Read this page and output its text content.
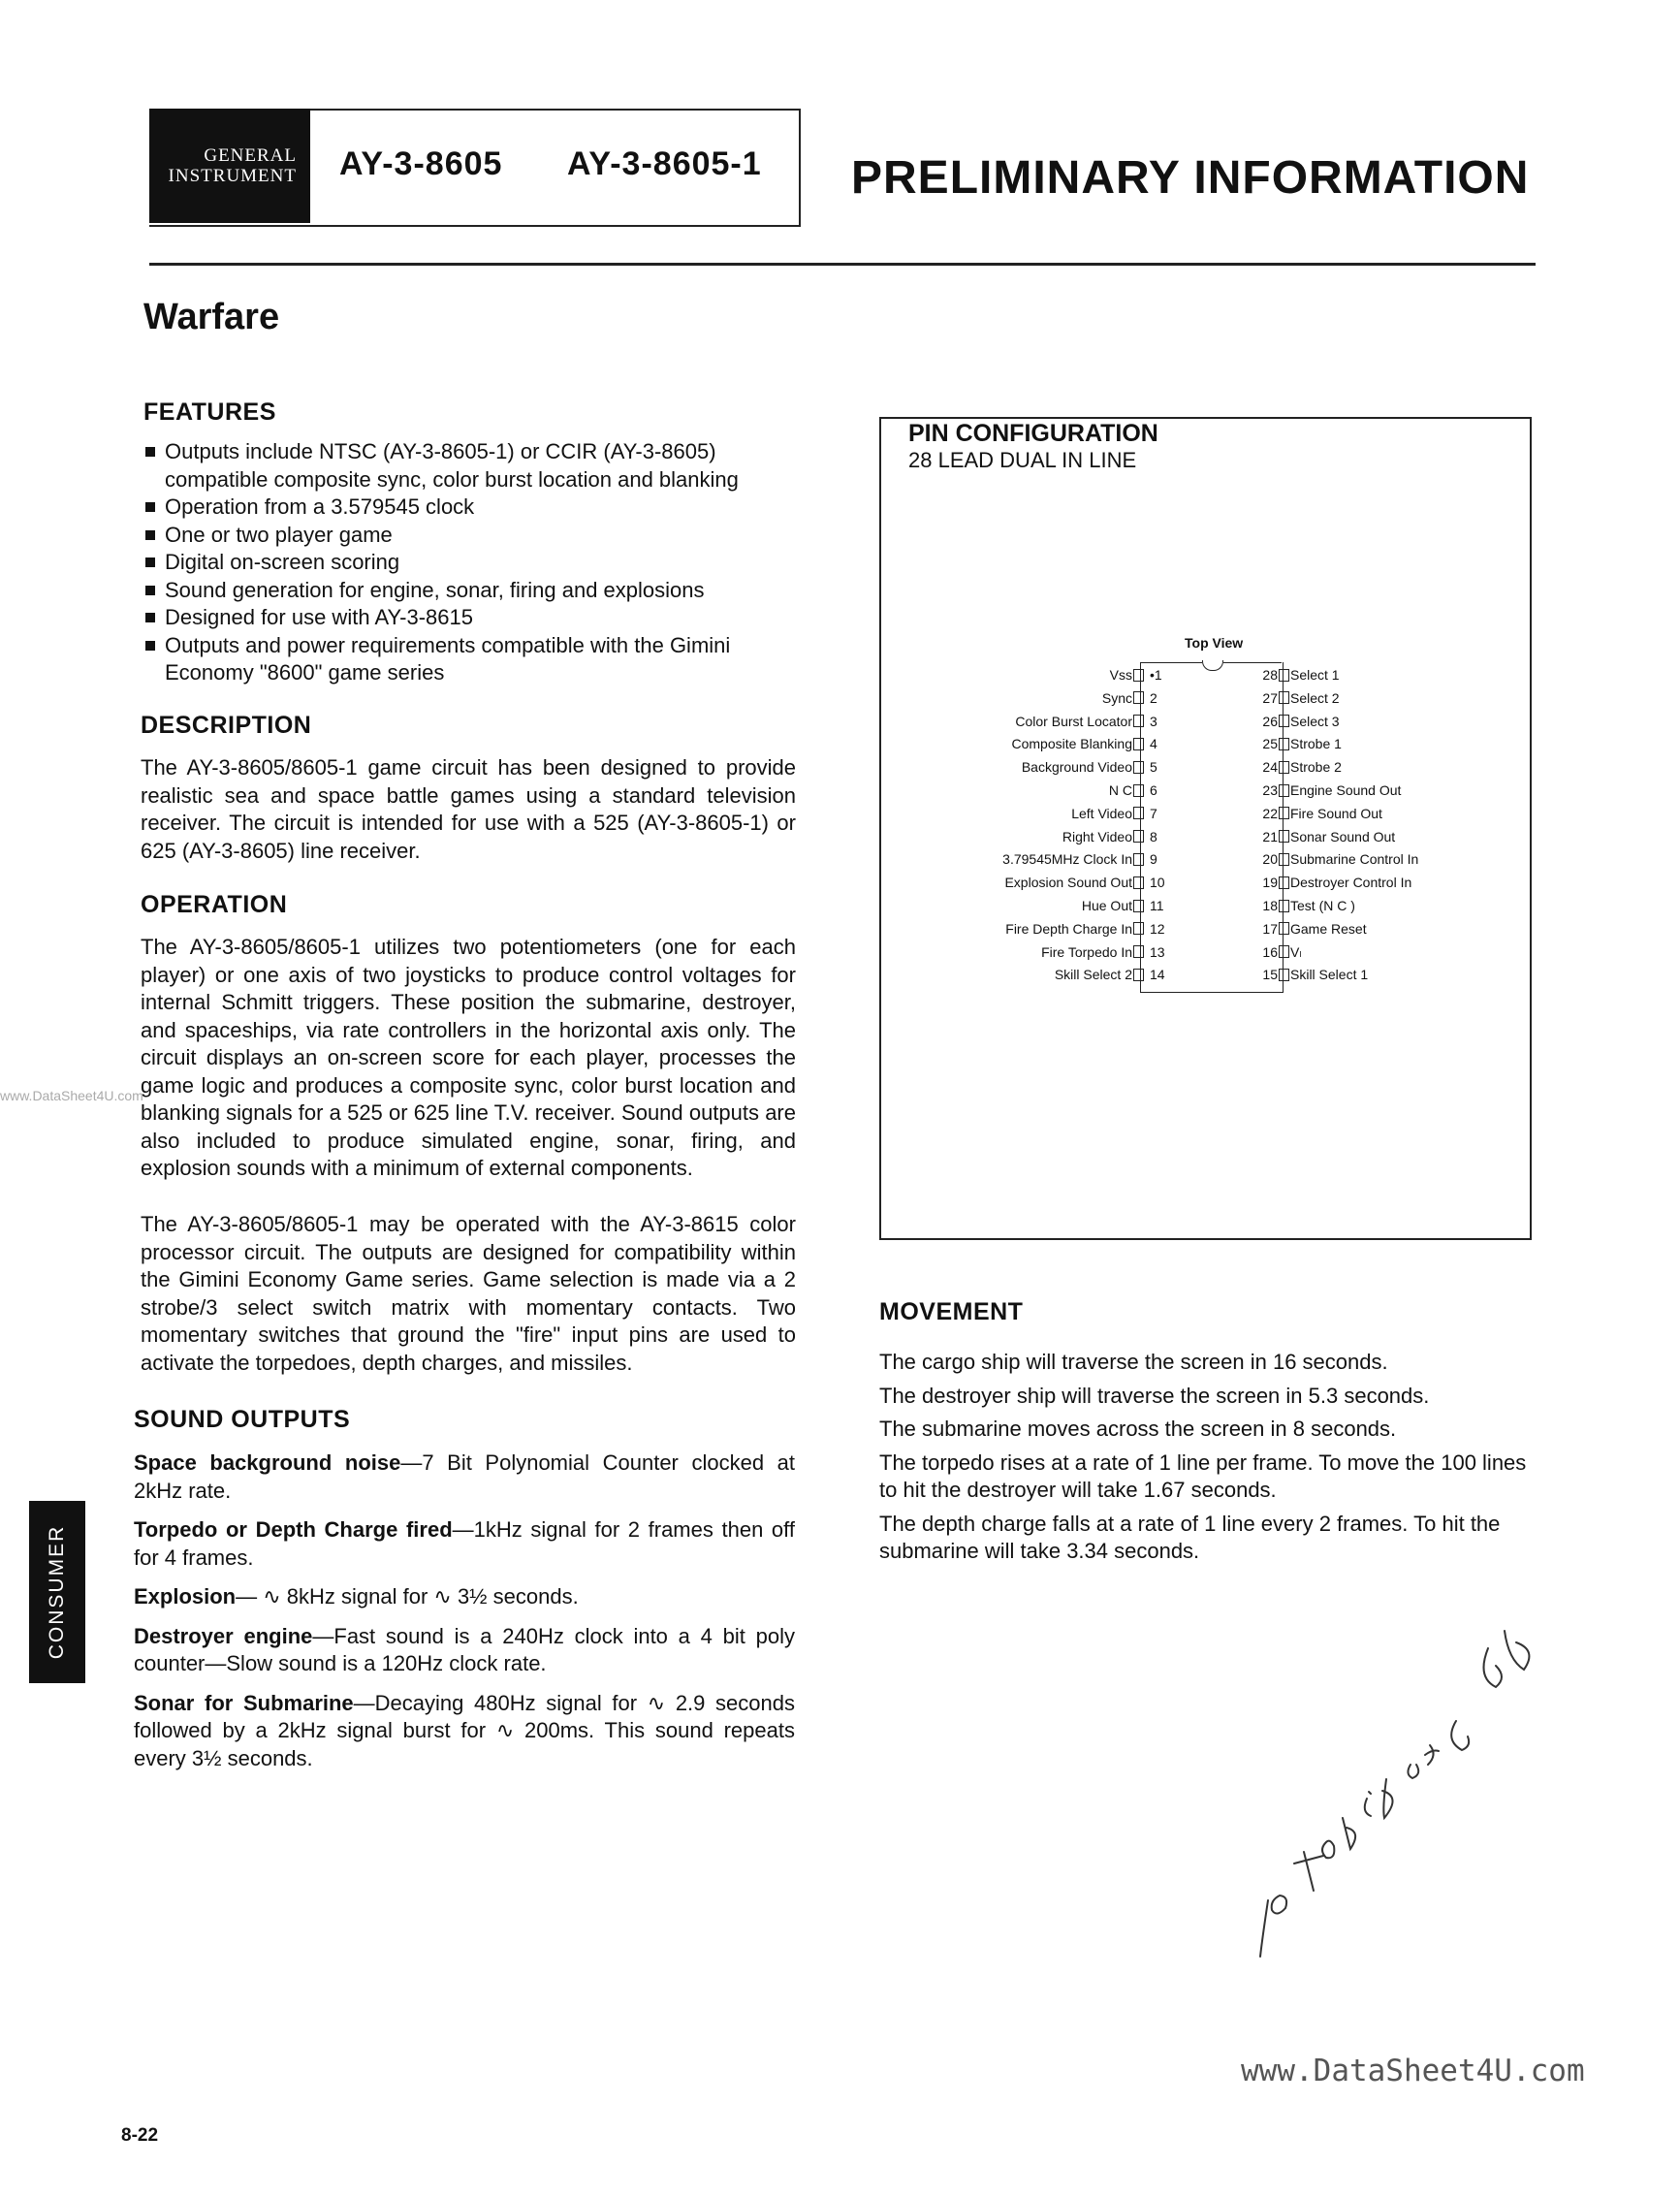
GENERAL
INSTRUMENT AY-3-8605 AY-3-8605-1 PRELIMINARY INFORMATION
Warfare
FEATURES
Outputs include NTSC (AY-3-8605-1) or CCIR (AY-3-8605) compatible composite sync, color burst location and blanking
Operation from a 3.579545 clock
One or two player game
Digital on-screen scoring
Sound generation for engine, sonar, firing and explosions
Designed for use with AY-3-8615
Outputs and power requirements compatible with the Gimini Economy "8600" game series
DESCRIPTION
The AY-3-8605/8605-1 game circuit has been designed to provide realistic sea and space battle games using a standard television receiver. The circuit is intended for use with a 525 (AY-3-8605-1) or 625 (AY-3-8605) line receiver.
OPERATION
The AY-3-8605/8605-1 utilizes two potentiometers (one for each player) or one axis of two joysticks to produce control voltages for internal Schmitt triggers. These position the submarine, destroyer, and spaceships, via rate controllers in the horizontal axis only. The circuit displays an on-screen score for each player, processes the game logic and produces a composite sync, color burst location and blanking signals for a 525 or 625 line T.V. receiver. Sound outputs are also included to produce simulated engine, sonar, firing, and explosion sounds with a minimum of external components.
The AY-3-8605/8605-1 may be operated with the AY-3-8615 color processor circuit. The outputs are designed for compatibility within the Gimini Economy Game series. Game selection is made via a 2 strobe/3 select switch matrix with momentary contacts. Two momentary switches that ground the "fire" input pins are used to activate the torpedoes, depth charges, and missiles.
SOUND OUTPUTS

Space background noise—7 Bit Polynomial Counter clocked at 2kHz rate.

Torpedo or Depth Charge fired—1kHz signal for 2 frames then off for 4 frames.

Explosion— ∿ 8kHz signal for ∿ 3½ seconds.

Destroyer engine—Fast sound is a 240Hz clock into a 4 bit poly counter—Slow sound is a 120Hz clock rate.

Sonar for Submarine—Decaying 480Hz signal for ∿ 2.9 seconds followed by a 2kHz signal burst for ∿ 200ms. This sound repeats every 3½ seconds.

PIN CONFIGURATION
28 LEAD DUAL IN LINE
Top View
Vss •1
Sync 2
Color Burst Locator 3
Composite Blanking 4
Background Video 5
N C 6
Left Video 7
Right Video 8
3.79545MHz Clock In 9
Explosion Sound Out 10
Hue Out 11
Fire Depth Charge In 12
Fire Torpedo In 13
Skill Select 2 14
28 Select 1
27 Select 2
26 Select 3
25 Strobe 1
24 Strobe 2
23 Engine Sound Out
22 Fire Sound Out
21 Sonar Sound Out
20 Submarine Control In
19 Destroyer Control In
18 Test (N C )
17 Game Reset
16 Vₗ
15 Skill Select 1
MOVEMENT

The cargo ship will traverse the screen in 16 seconds.

The destroyer ship will traverse the screen in 5.3 seconds.

The submarine moves across the screen in 8 seconds.

The torpedo rises at a rate of 1 line per frame. To move the 100 lines to hit the destroyer will take 1.67 seconds.

The depth charge falls at a rate of 1 line every 2 frames. To hit the submarine will take 3.34 seconds.

CONSUMER	10 temp per Lab
www.DataSheet4U.com
www.DataSheet4U.com
8-22
